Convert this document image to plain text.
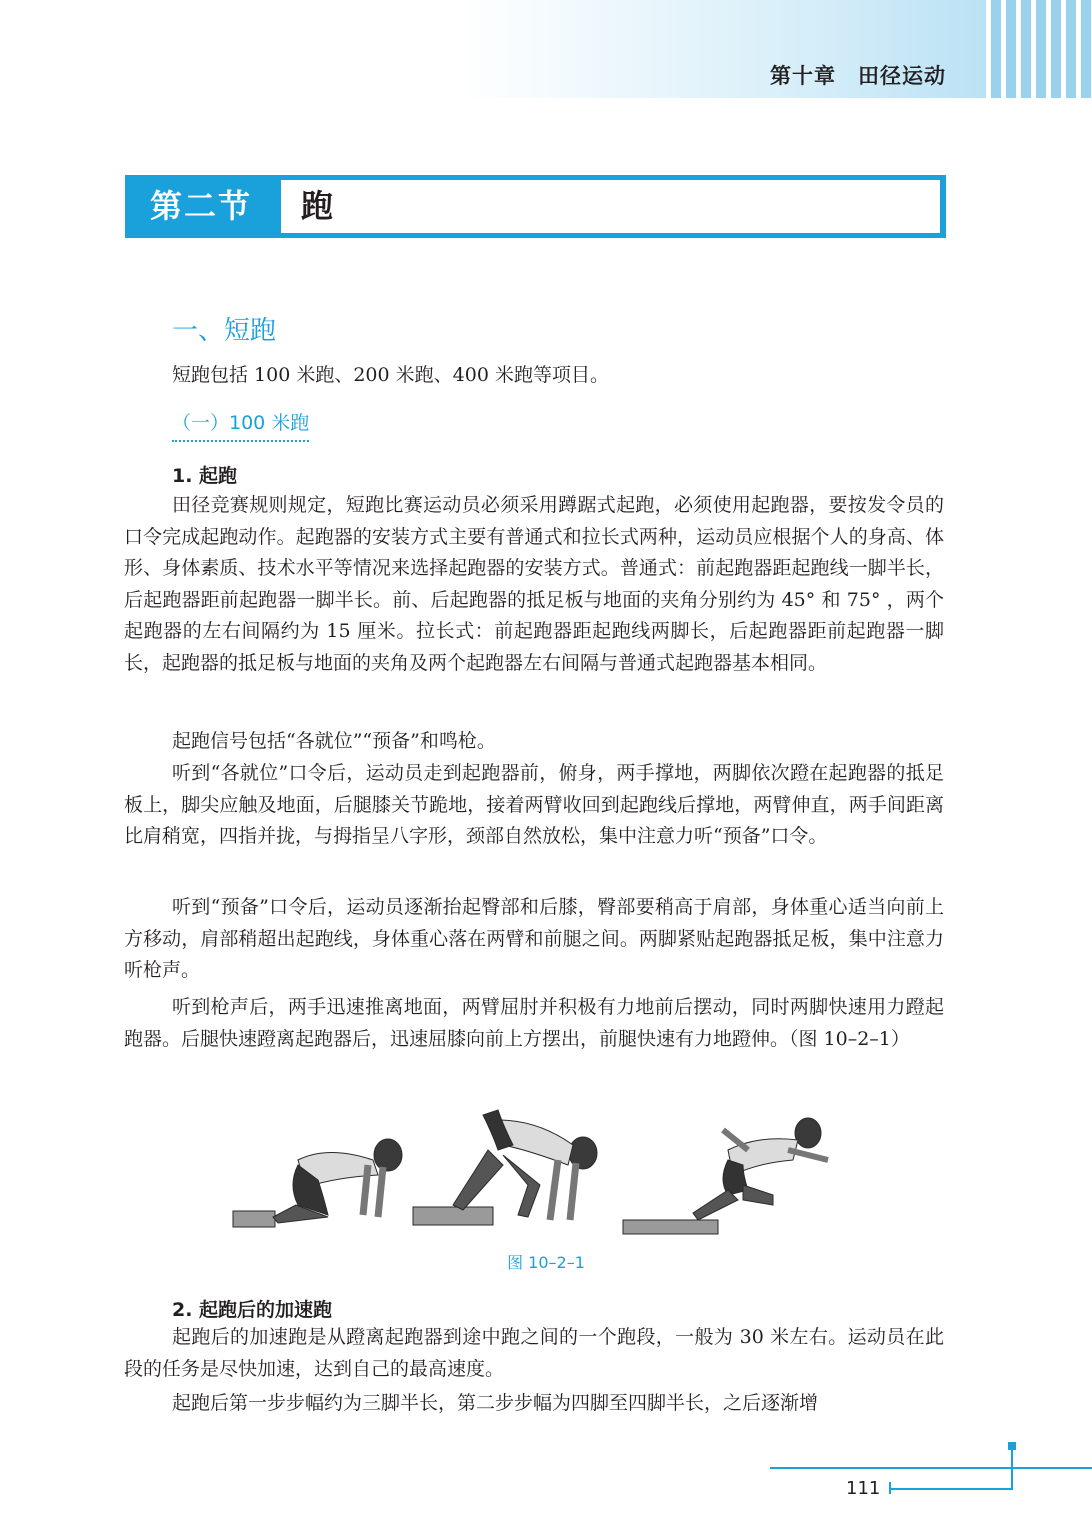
第十章　田径运动
第二节	跑
一、短跑

短跑包括 100 米跑、200 米跑、400 米跑等项目。

（一）100 米跑
1. 起跑

田径竞赛规则规定，短跑比赛运动员必须采用蹲踞式起跑，必须使用起跑器，要按发令员的口令完成起跑动作。起跑器的安装方式主要有普通式和拉长式两种，运动员应根据个人的身高、体形、身体素质、技术水平等情况来选择起跑器的安装方式。普通式：前起跑器距起跑线一脚半长，后起跑器距前起跑器一脚半长。前、后起跑器的抵足板与地面的夹角分别约为 45° 和 75° ，两个起跑器的左右间隔约为 15 厘米。拉长式：前起跑器距起跑线两脚长，后起跑器距前起跑器一脚长，起跑器的抵足板与地面的夹角及两个起跑器左右间隔与普通式起跑器基本相同。

起跑信号包括“各就位”“预备”和鸣枪。

听到“各就位”口令后，运动员走到起跑器前，俯身，两手撑地，两脚依次蹬在起跑器的抵足板上，脚尖应触及地面，后腿膝关节跪地，接着两臂收回到起跑线后撑地，两臂伸直，两手间距离比肩稍宽，四指并拢，与拇指呈八字形，颈部自然放松，集中注意力听“预备”口令。

听到“预备”口令后，运动员逐渐抬起臀部和后膝，臀部要稍高于肩部，身体重心适当向前上方移动，肩部稍超出起跑线，身体重心落在两臂和前腿之间。两脚紧贴起跑器抵足板，集中注意力听枪声。

听到枪声后，两手迅速推离地面，两臂屈肘并积极有力地前后摆动，同时两脚快速用力蹬起跑器。后腿快速蹬离起跑器后，迅速屈膝向前上方摆出，前腿快速有力地蹬伸。（图 10–2–1）

图 10–2–1
2. 起跑后的加速跑

起跑后的加速跑是从蹬离起跑器到途中跑之间的一个跑段，一般为 30 米左右。运动员在此段的任务是尽快加速，达到自己的最高速度。

起跑后第一步步幅约为三脚半长，第二步步幅为四脚至四脚半长，之后逐渐增

111
